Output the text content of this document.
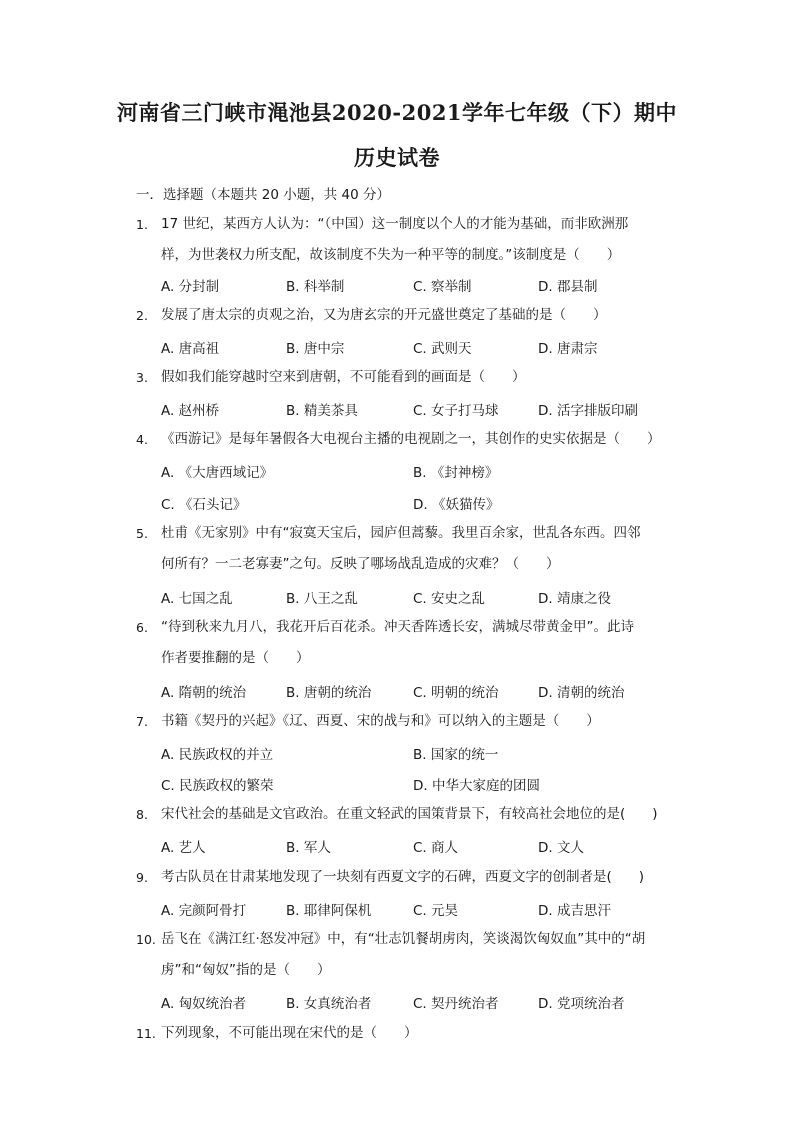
河南省三门峡市渑池县2020-2021学年七年级（下）期中
历史试卷
一．选择题（本题共 20 小题，共 40 分）
1. 17 世纪，某西方人认为：“（中国）这一制度以个人的才能为基础，而非欧洲那
样，为世袭权力所支配，故该制度不失为一种平等的制度。”该制度是（　　）
A. 分封制	B. 科举制	C. 察举制	D. 郡县制
2. 发展了唐太宗的贞观之治，又为唐玄宗的开元盛世奠定了基础的是（　　）
A. 唐高祖	B. 唐中宗	C. 武则天	D. 唐肃宗
3. 假如我们能穿越时空来到唐朝，不可能看到的画面是（　　）
A. 赵州桥	B. 精美茶具	C. 女子打马球	D. 活字排版印刷
4. 《西游记》是每年暑假各大电视台主播的电视剧之一，其创作的史实依据是（　　）
A. 《大唐西域记》	B. 《封神榜》
C. 《石头记》	D. 《妖猫传》
5. 杜甫《无家别》中有“寂寞天宝后，园庐但蒿藜。我里百余家，世乱各东西。四邻
何所有？一二老寡妻”之句。反映了哪场战乱造成的灾难？（　　）
A. 七国之乱	B. 八王之乱	C. 安史之乱	D. 靖康之役
6. “待到秋来九月八，我花开后百花杀。冲天香阵透长安，满城尽带黄金甲”。此诗
作者要推翻的是（　　）
A. 隋朝的统治	B. 唐朝的统治	C. 明朝的统治	D. 清朝的统治
7. 书籍《契丹的兴起》《辽、西夏、宋的战与和》可以纳入的主题是（　　）
A. 民族政权的并立	B. 国家的统一
C. 民族政权的繁荣	D. 中华大家庭的团圆
8. 宋代社会的基础是文官政治。在重文轻武的国策背景下，有较高社会地位的是(　　)
A. 艺人	B. 军人	C. 商人	D. 文人
9. 考古队员在甘肃某地发现了一块刻有西夏文字的石碑，西夏文字的创制者是(　　)
A. 完颜阿骨打	B. 耶律阿保机	C. 元昊	D. 成吉思汗
10. 岳飞在《满江红·怒发冲冠》中，有“壮志饥餐胡虏肉，笑谈渴饮匈奴血”其中的“胡
虏”和“匈奴”指的是（　　）
A. 匈奴统治者	B. 女真统治者	C. 契丹统治者	D. 党项统治者
11. 下列现象，不可能出现在宋代的是（　　）
